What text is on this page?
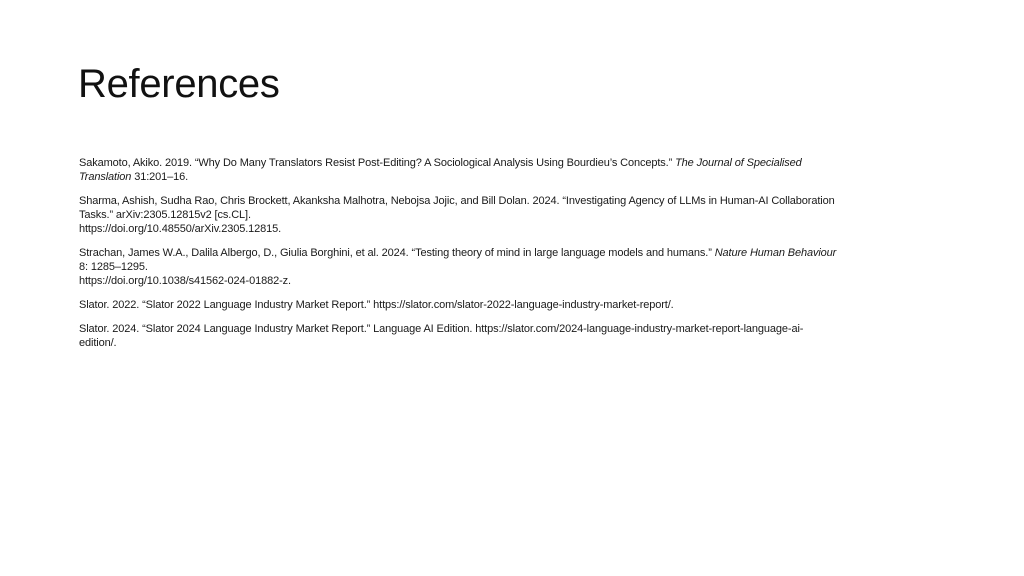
References
Sakamoto, Akiko. 2019. “Why Do Many Translators Resist Post-Editing? A Sociological Analysis Using Bourdieu’s Concepts.” The Journal of Specialised
Translation 31:201–16.
Sharma, Ashish, Sudha Rao, Chris Brockett, Akanksha Malhotra, Nebojsa Jojic, and Bill Dolan. 2024. “Investigating Agency of LLMs in Human-AI Collaboration
Tasks.” arXiv:2305.12815v2 [cs.CL].
https://doi.org/10.48550/arXiv.2305.12815.
Strachan, James W.A., Dalila Albergo, D., Giulia Borghini, et al. 2024. “Testing theory of mind in large language models and humans.” Nature Human Behaviour
8: 1285–1295.
https://doi.org/10.1038/s41562-024-01882-z.
Slator. 2022. “Slator 2022 Language Industry Market Report.” https://slator.com/slator-2022-language-industry-market-report/.
Slator. 2024. “Slator 2024 Language Industry Market Report.” Language AI Edition. https://slator.com/2024-language-industry-market-report-language-ai-
edition/.
